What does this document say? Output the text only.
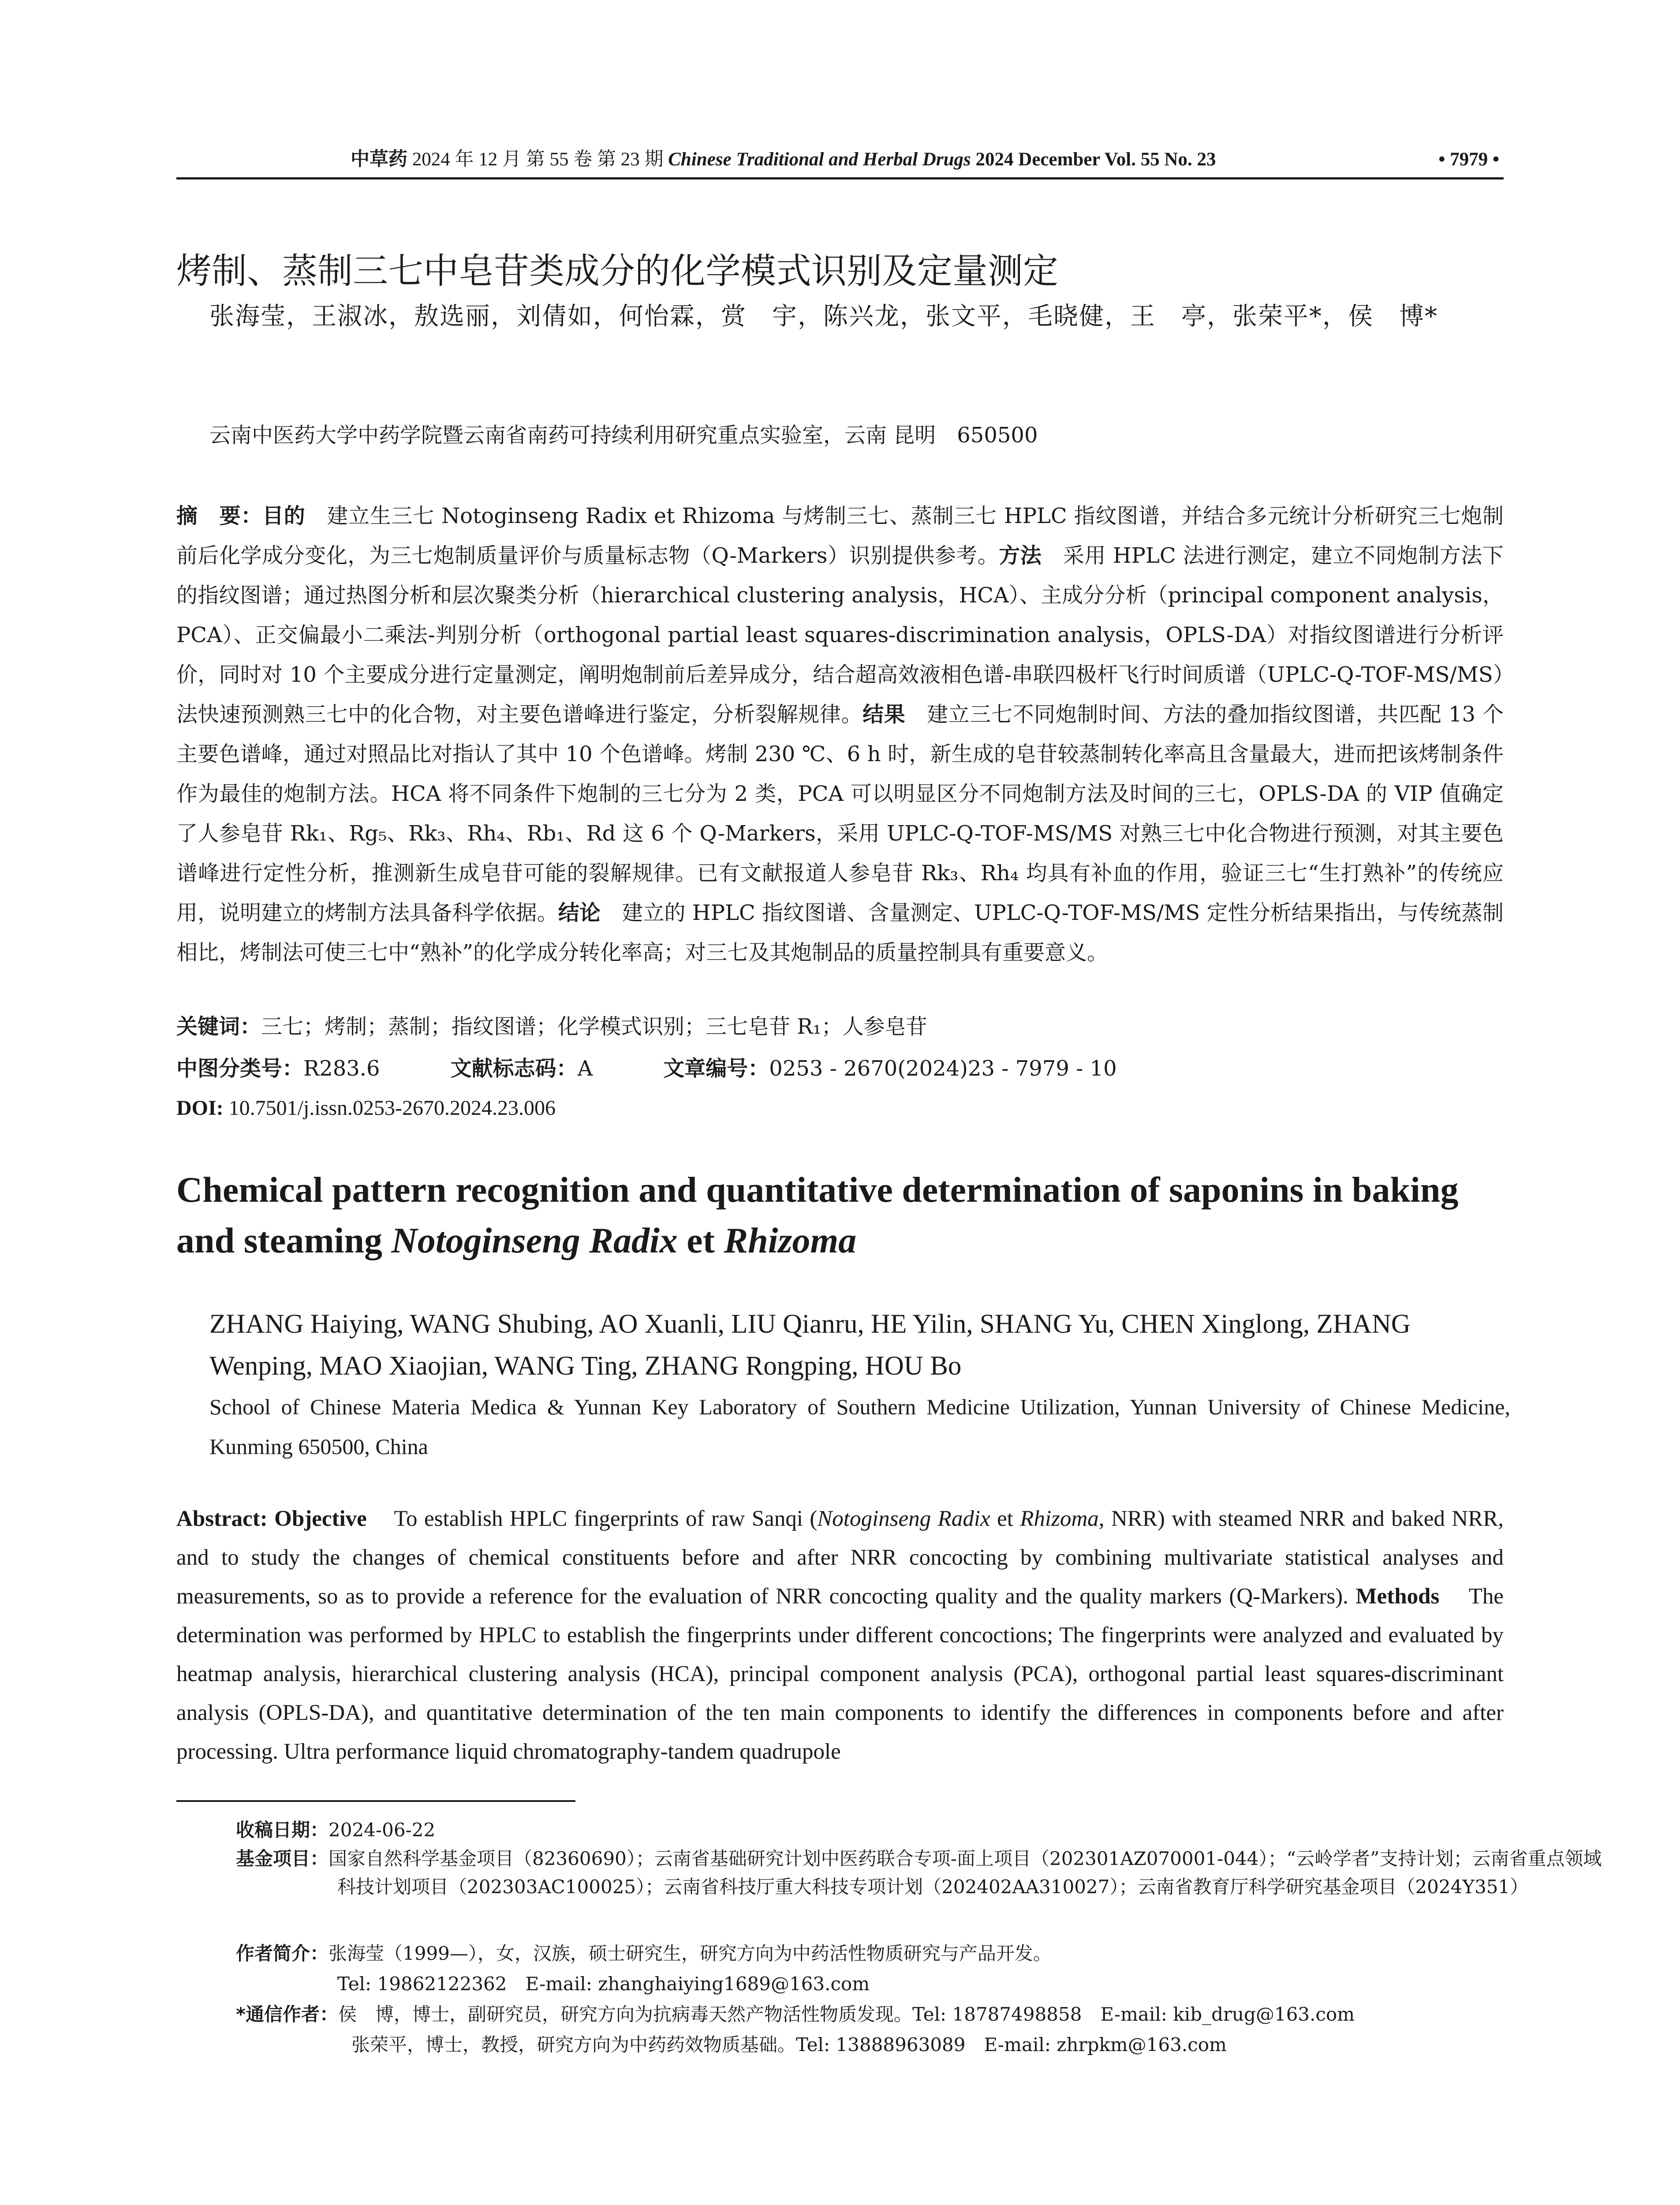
中草药 2024 年 12 月 第 55 卷 第 23 期 Chinese Traditional and Herbal Drugs 2024 December Vol. 55 No. 23	• 7979 •
烤制、蒸制三七中皂苷类成分的化学模式识别及定量测定
张海莹，王淑冰，敖选丽，刘倩如，何怡霖，赏　宇，陈兴龙，张文平，毛晓健，王　亭，张荣平*，侯　博*
云南中医药大学中药学院暨云南省南药可持续利用研究重点实验室，云南 昆明　650500
摘　要：目的　 建立生三七 Notoginseng Radix et Rhizoma 与烤制三七、蒸制三七 HPLC 指纹图谱，并结合多元统计分析研究三七炮制前后化学成分变化，为三七炮制质量评价与质量标志物（Q-Markers）识别提供参考。方法　 采用 HPLC 法进行测定，建立不同炮制方法下的指纹图谱；通过热图分析和层次聚类分析（hierarchical clustering analysis，HCA）、主成分分析（principal component analysis，PCA）、正交偏最小二乘法-判别分析（orthogonal partial least squares-discrimination analysis，OPLS-DA）对指纹图谱进行分析评价，同时对 10 个主要成分进行定量测定，阐明炮制前后差异成分，结合超高效液相色谱-串联四极杆飞行时间质谱（UPLC-Q-TOF-MS/MS）法快速预测熟三七中的化合物，对主要色谱峰进行鉴定，分析裂解规律。结果　 建立三七不同炮制时间、方法的叠加指纹图谱，共匹配 13 个主要色谱峰，通过对照品比对指认了其中 10 个色谱峰。烤制 230 ℃、6 h 时，新生成的皂苷较蒸制转化率高且含量最大，进而把该烤制条件作为最佳的炮制方法。HCA 将不同条件下炮制的三七分为 2 类，PCA 可以明显区分不同炮制方法及时间的三七，OPLS-DA 的 VIP 值确定了人参皂苷 Rk₁、Rg₅、Rk₃、Rh₄、Rb₁、Rd 这 6 个 Q-Markers，采用 UPLC-Q-TOF-MS/MS 对熟三七中化合物进行预测，对其主要色谱峰进行定性分析，推测新生成皂苷可能的裂解规律。已有文献报道人参皂苷 Rk₃、Rh₄ 均具有补血的作用，验证三七“生打熟补”的传统应用，说明建立的烤制方法具备科学依据。结论　 建立的 HPLC 指纹图谱、含量测定、UPLC-Q-TOF-MS/MS 定性分析结果指出，与传统蒸制相比，烤制法可使三七中“熟补”的化学成分转化率高；对三七及其炮制品的质量控制具有重要意义。
关键词：三七；烤制；蒸制；指纹图谱；化学模式识别；三七皂苷 R₁；人参皂苷
中图分类号：R283.6	文献标志码：A	文章编号：0253 - 2670(2024)23 - 7979 - 10
DOI: 10.7501/j.issn.0253-2670.2024.23.006
Chemical pattern recognition and quantitative determination of saponins in baking and steaming Notoginseng Radix et Rhizoma
ZHANG Haiying, WANG Shubing, AO Xuanli, LIU Qianru, HE Yilin, SHANG Yu, CHEN Xinglong, ZHANG Wenping, MAO Xiaojian, WANG Ting, ZHANG Rongping, HOU Bo
School of Chinese Materia Medica & Yunnan Key Laboratory of Southern Medicine Utilization, Yunnan University of Chinese Medicine, Kunming 650500, China
Abstract: Objective To establish HPLC fingerprints of raw Sanqi (Notoginseng Radix et Rhizoma, NRR) with steamed NRR and baked NRR, and to study the changes of chemical constituents before and after NRR concocting by combining multivariate statistical analyses and measurements, so as to provide a reference for the evaluation of NRR concocting quality and the quality markers (Q-Markers). Methods The determination was performed by HPLC to establish the fingerprints under different concoctions; The fingerprints were analyzed and evaluated by heatmap analysis, hierarchical clustering analysis (HCA), principal component analysis (PCA), orthogonal partial least squares-discriminant analysis (OPLS-DA), and quantitative determination of the ten main components to identify the differences in components before and after processing. Ultra performance liquid chromatography-tandem quadrupole
收稿日期：2024-06-22
基金项目：国家自然科学基金项目（82360690）；云南省基础研究计划中医药联合专项-面上项目（202301AZ070001-044）；“云岭学者”支持计划；云南省重点领域科技计划项目（202303AC100025）；云南省科技厅重大科技专项计划（202402AA310027）；云南省教育厅科学研究基金项目（2024Y351）
作者简介：张海莹（1999—），女，汉族，硕士研究生，研究方向为中药活性物质研究与产品开发。
Tel: 19862122362　E-mail: zhanghaiying1689@163.com
*通信作者：侯　博，博士，副研究员，研究方向为抗病毒天然产物活性物质发现。Tel: 18787498858　E-mail: kib_drug@163.com
张荣平，博士，教授，研究方向为中药药效物质基础。Tel: 13888963089　E-mail: zhrpkm@163.com
